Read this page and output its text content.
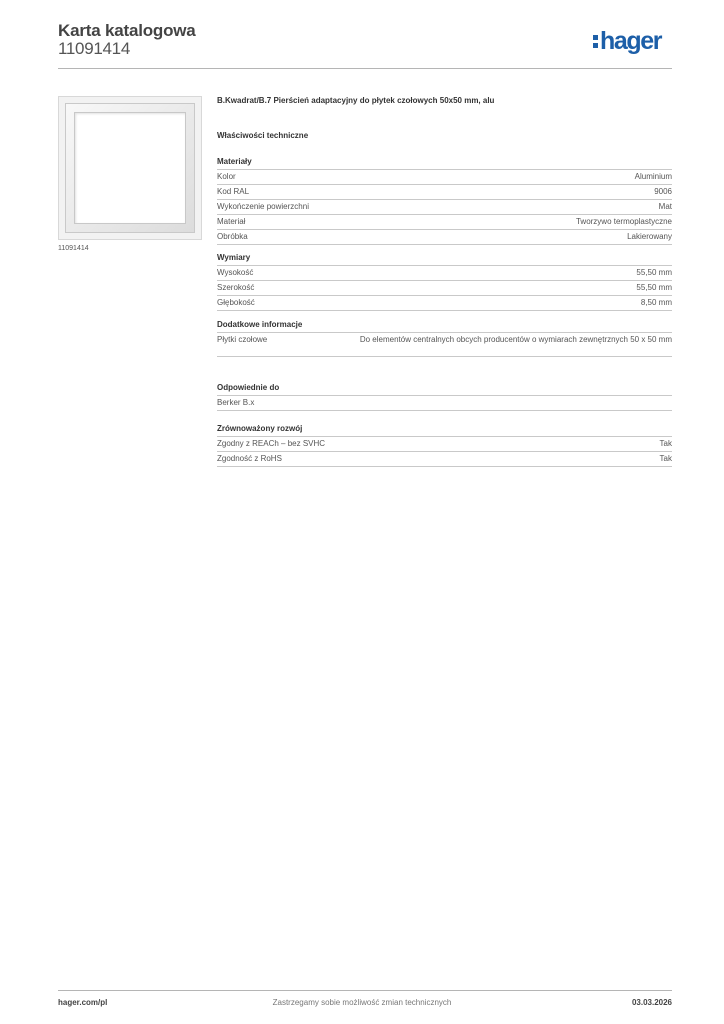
Karta katalogowa
11091414	hager
11091414
B.Kwadrat/B.7 Pierścień adaptacyjny do płytek czołowych 50x50 mm, alu
Właściwości techniczne
Materiały
Kolor	Aluminium
Kod RAL	9006
Wykończenie powierzchni	Mat
Materiał	Tworzywo termoplastyczne
Obróbka	Lakierowany
Wymiary
Wysokość	55,50 mm
Szerokość	55,50 mm
Głębokość	8,50 mm
Dodatkowe informacje
Płytki czołowe	Do elementów centralnych obcych producentów o wymiarach zewnętrznych 50 x 50 mm
Odpowiednie do
Berker B.x
Zrównoważony rozwój
Zgodny z REACh – bez SVHC	Tak
Zgodność z RoHS	Tak
hager.com/pl	Zastrzegamy sobie możliwość zmian technicznych	03.03.2026
